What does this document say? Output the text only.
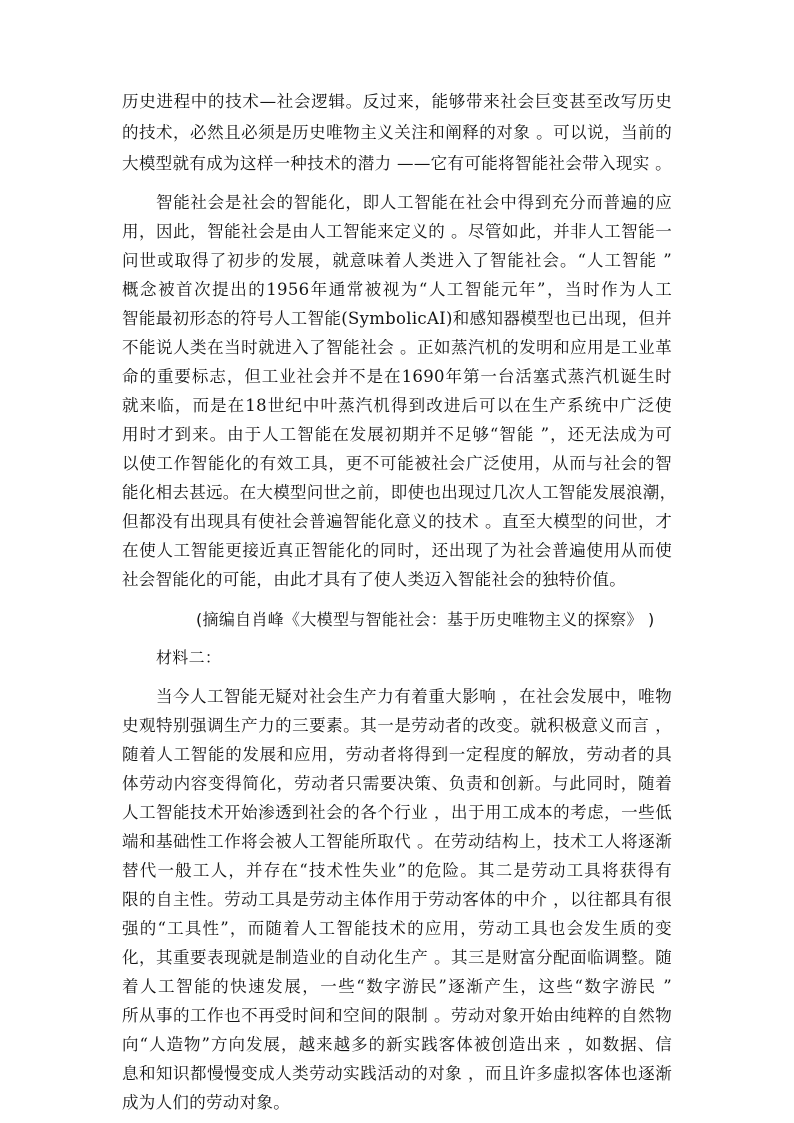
历史进程中的技术—社会逻辑。反过来，能够带来社会巨变甚至改写历史
的技术，必然且必须是历史唯物主义关注和阐释的对象 。可以说，当前的
大模型就有成为这样一种技术的潜力 ——它有可能将智能社会带入现实 。
智能社会是社会的智能化，即人工智能在社会中得到充分而普遍的应
用，因此，智能社会是由人工智能来定义的 。尽管如此，并非人工智能一
问世或取得了初步的发展，就意味着人类进入了智能社会。“人工智能 ”
概念被首次提出的1956年通常被视为“人工智能元年”，当时作为人工
智能最初形态的符号人工智能(SymbolicAI)和感知器模型也已出现，但并
不能说人类在当时就进入了智能社会 。正如蒸汽机的发明和应用是工业革
命的重要标志，但工业社会并不是在1690年第一台活塞式蒸汽机诞生时
就来临，而是在18世纪中叶蒸汽机得到改进后可以在生产系统中广泛使
用时才到来。由于人工智能在发展初期并不足够“智能 ”，还无法成为可
以使工作智能化的有效工具，更不可能被社会广泛使用，从而与社会的智
能化相去甚远。在大模型问世之前，即使也出现过几次人工智能发展浪潮，
但都没有出现具有使社会普遍智能化意义的技术 。直至大模型的问世，才
在使人工智能更接近真正智能化的同时，还出现了为社会普遍使用从而使
社会智能化的可能，由此才具有了使人类迈入智能社会的独特价值。
(摘编自肖峰《大模型与智能社会：基于历史唯物主义的探察》 )
材料二：
当今人工智能无疑对社会生产力有着重大影响 ，在社会发展中，唯物
史观特别强调生产力的三要素。其一是劳动者的改变。就积极意义而言 ，
随着人工智能的发展和应用，劳动者将得到一定程度的解放，劳动者的具
体劳动内容变得简化，劳动者只需要决策、负责和创新。与此同时，随着
人工智能技术开始渗透到社会的各个行业 ，出于用工成本的考虑，一些低
端和基础性工作将会被人工智能所取代 。在劳动结构上，技术工人将逐渐
替代一般工人，并存在“技术性失业”的危险。其二是劳动工具将获得有
限的自主性。劳动工具是劳动主体作用于劳动客体的中介 ，以往都具有很
强的“工具性”，而随着人工智能技术的应用，劳动工具也会发生质的变
化，其重要表现就是制造业的自动化生产 。其三是财富分配面临调整。随
着人工智能的快速发展，一些“数字游民”逐渐产生，这些“数字游民 ”
所从事的工作也不再受时间和空间的限制 。劳动对象开始由纯粹的自然物
向“人造物”方向发展，越来越多的新实践客体被创造出来 ，如数据、信
息和知识都慢慢变成人类劳动实践活动的对象 ，而且许多虚拟客体也逐渐
成为人们的劳动对象。
